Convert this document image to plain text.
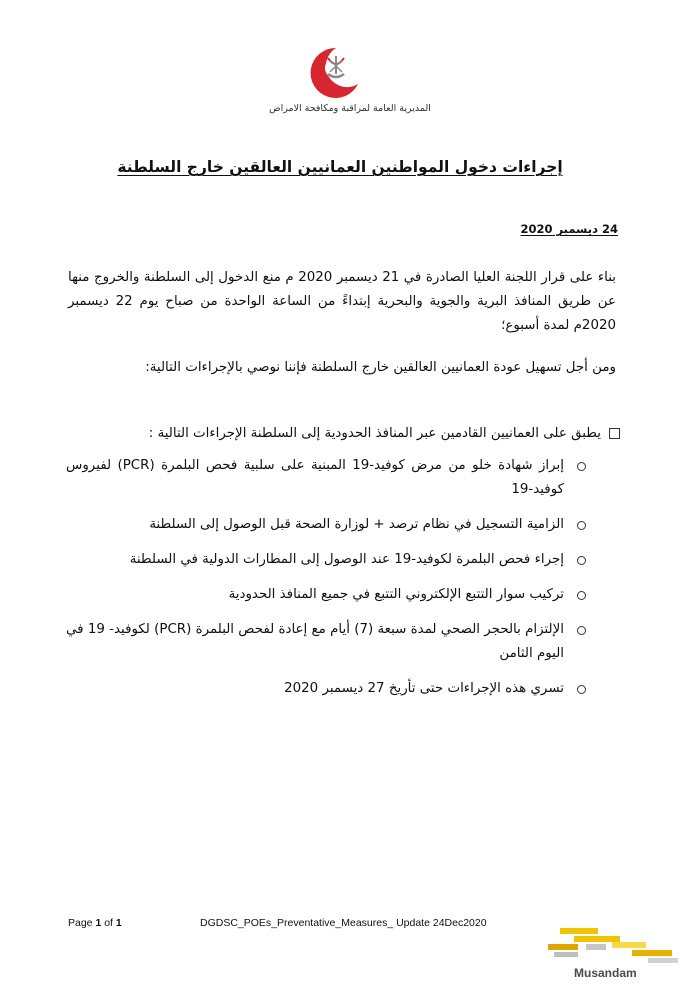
المديرية العامة لمراقبة ومكافحة الامراض
إجراءات دخول المواطنين العمانيين العالقين خارج السلطنة
24 ديسمبر 2020
بناء على قرار اللجنة العليا الصادرة في 21 ديسمبر 2020 م منع الدخول إلى السلطنة والخروج منها عن طريق المنافذ البرية والجوية والبحرية إبتداءً من الساعة الواحدة من صباح يوم 22 ديسمبر 2020م لمدة أسبوع؛
ومن أجل تسهيل عودة العمانيين العالقين خارج السلطنة فإننا نوصي بالإجراءات التالية:
يطبق على العمانيين القادمين عبر المنافذ الحدودية إلى السلطنة الإجراءات التالية :
إبراز شهادة خلو من مرض كوفيد-19 المبنية على سلبية فحص البلمرة (PCR) لفيروس كوفيد-19
الزامية التسجيل في نظام ترصد + لوزارة الصحة قبل الوصول إلى السلطنة
إجراء فحص البلمرة لكوفيد-19 عند الوصول إلى المطارات الدولية في السلطنة
تركيب سوار التتبع الإلكتروني التتبع في جميع المنافذ الحدودية
الإلتزام بالحجر الصحي لمدة سبعة (7) أيام مع إعادة لفحص البلمرة (PCR) لكوفيد- 19 في اليوم الثامن
تسري هذه الإجراءات حتى تأريخ 27 ديسمبر 2020
Page 1 of 1	DGDSC_POEs_Preventative_Measures_ Update 24Dec2020
Musandam
